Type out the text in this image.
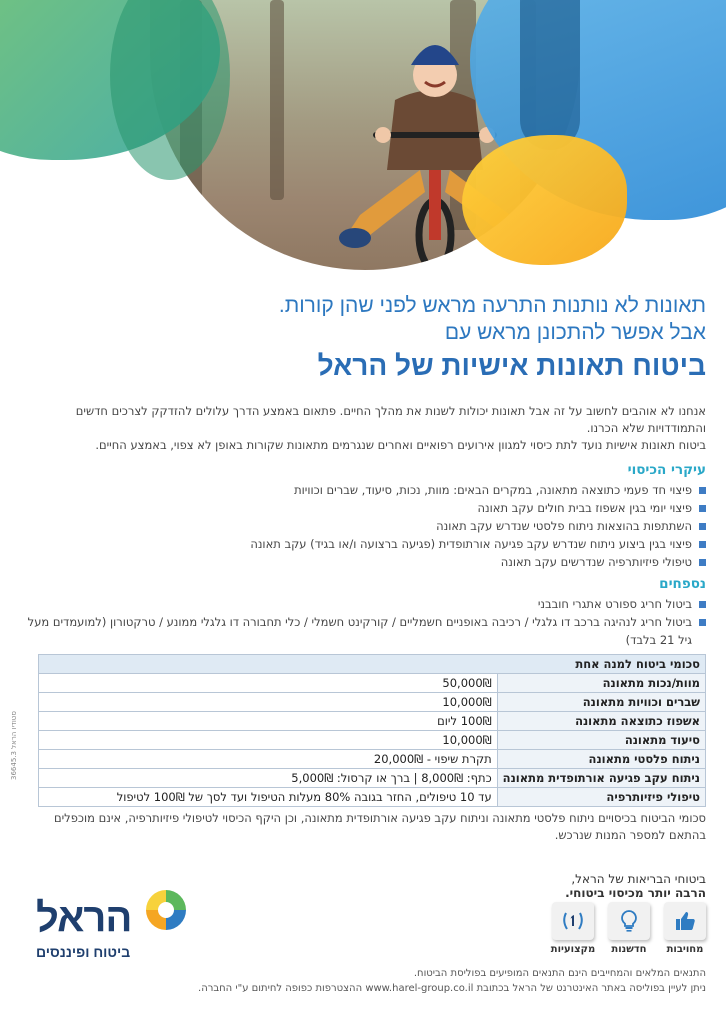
תאונות לא נותנות התרעה מראש לפני שהן קורות.
אבל אפשר להתכונן מראש עם
ביטוח תאונות אישיות של הראל

אנחנו לא אוהבים לחשוב על זה אבל תאונות יכולות לשנות את מהלך החיים. פתאום באמצע הדרך עלולים להזדקק לצרכים חדשים והתמודדויות שלא הכרנו.

ביטוח תאונות אישיות נועד לתת כיסוי למגוון אירועים רפואיים ואחרים שנגרמים מתאונות שקורות באופן לא צפוי, באמצע החיים.

עיקרי הכיסוי
פיצוי חד פעמי כתוצאה מתאונה, במקרים הבאים: מוות, נכות, סיעוד, שברים וכוויות
פיצוי יומי בגין אשפוז בבית חולים עקב תאונה
השתתפות בהוצאות ניתוח פלסטי שנדרש עקב תאונה
פיצוי בגין ביצוע ניתוח שנדרש עקב פגיעה אורתופדית (פגיעה ברצועה ו/או בגיד) עקב תאונה
טיפולי פיזיותרפיה שנדרשים עקב תאונה
נספחים
ביטול חריג ספורט אתגרי חובבני
ביטול חריג לנהיגה ברכב דו גלגלי / רכיבה באופניים חשמליים / קורקינט חשמלי / כלי תחבורה דו גלגלי ממונע / טרקטורון (למועמדים מעל גיל 21 בלבד)
סכומי ביטוח למנה אחת	
מוות/נכות מתאונה	50,000₪
שברים וכוויות מתאונה	10,000₪
אשפוז כתוצאה מתאונה	100₪ ליום
סיעוד מתאונה	10,000₪
ניתוח פלסטי מתאונה	תקרת שיפוי - 20,000₪
ניתוח עקב פגיעה אורתופדית מתאונה	כתף: 8,000₪ | ברך או קרסול: 5,000₪
טיפולי פיזיותרפיה	עד 10 טיפולים, החזר בגובה 80% מעלות הטיפול ועד לסך של 100₪ לטיפול

סכומי הביטוח בכיסויים ניתוח פלסטי מתאונה וניתוח עקב פגיעה אורתופדית מתאונה, וכן היקף הכיסוי לטיפולי פיזיותרפיה, אינם מוכפלים בהתאם למספר המנות שנרכש.

ביטוחי הבריאות של הראל,
הרבה יותר מכיסוי ביטוחי.
מחויבות
חדשנות
מקצועיות
הראל
ביטוח ופיננסים

התנאים המלאים והמחייבים הינם התנאים המופיעים בפוליסת הביטוח.

ניתן לעיין בפוליסה באתר האינטרנט של הראל בכתובת www.harel-group.co.il ההצטרפות כפופה לחיתום ע"י החברה.

36645.3 סטודיו הראל
